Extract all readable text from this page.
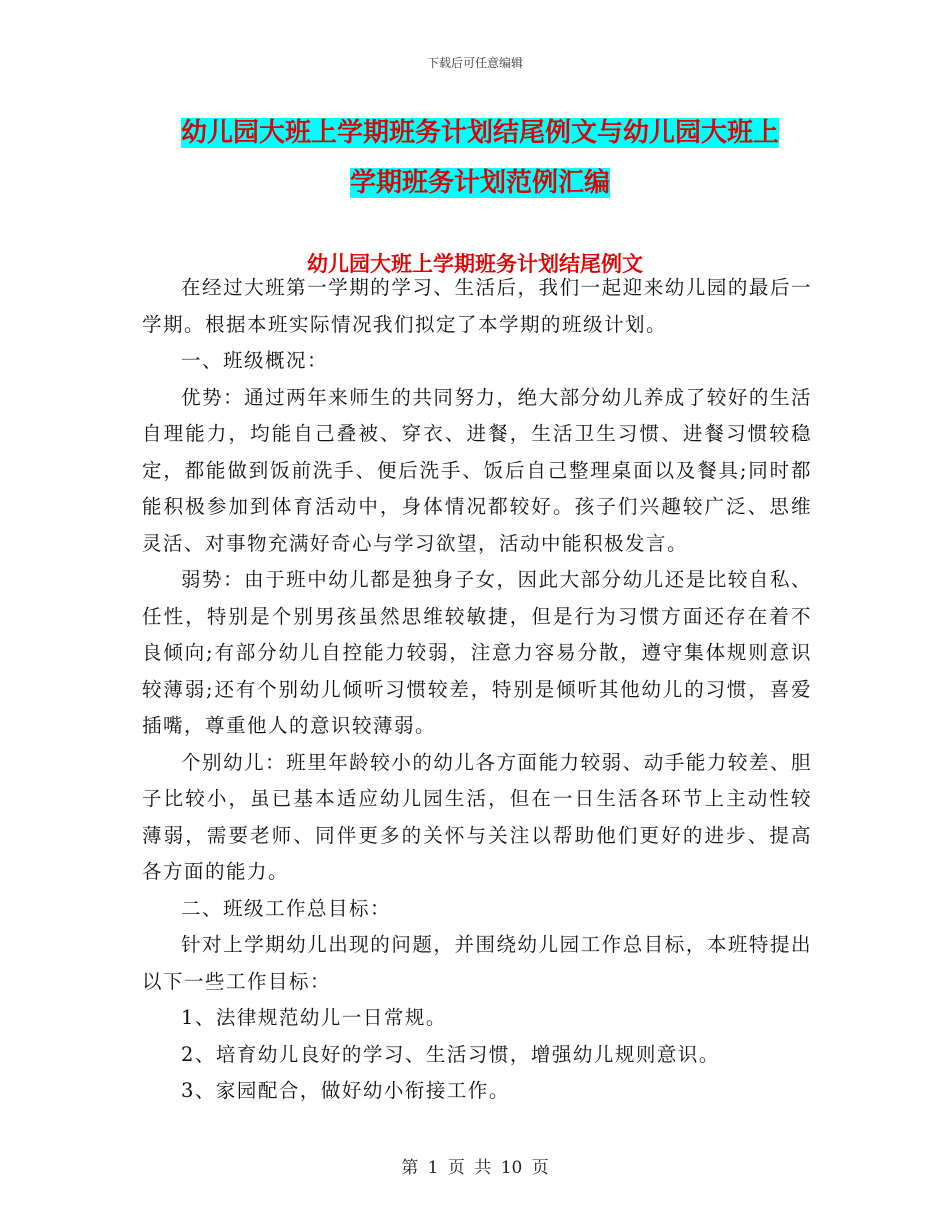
下载后可任意编辑
幼儿园大班上学期班务计划结尾例文与幼儿园大班上
学期班务计划范例汇编
幼儿园大班上学期班务计划结尾例文

在经过大班第一学期的学习、生活后，我们一起迎来幼儿园的最后一学期。根据本班实际情况我们拟定了本学期的班级计划。

一、班级概况：

优势：通过两年来师生的共同努力，绝大部分幼儿养成了较好的生活自理能力，均能自己叠被、穿衣、进餐，生活卫生习惯、进餐习惯较稳定，都能做到饭前洗手、便后洗手、饭后自己整理桌面以及餐具;同时都能积极参加到体育活动中，身体情况都较好。孩子们兴趣较广泛、思维灵活、对事物充满好奇心与学习欲望，活动中能积极发言。

弱势：由于班中幼儿都是独身子女，因此大部分幼儿还是比较自私、任性，特别是个别男孩虽然思维较敏捷，但是行为习惯方面还存在着不良倾向;有部分幼儿自控能力较弱，注意力容易分散，遵守集体规则意识较薄弱;还有个别幼儿倾听习惯较差，特别是倾听其他幼儿的习惯，喜爱插嘴，尊重他人的意识较薄弱。

个别幼儿：班里年龄较小的幼儿各方面能力较弱、动手能力较差、胆子比较小，虽已基本适应幼儿园生活，但在一日生活各环节上主动性较薄弱，需要老师、同伴更多的关怀与关注以帮助他们更好的进步、提高各方面的能力。

二、班级工作总目标：

针对上学期幼儿出现的问题，并围绕幼儿园工作总目标，本班特提出以下一些工作目标：

1、法律规范幼儿一日常规。

2、培育幼儿良好的学习、生活习惯，增强幼儿规则意识。

3、家园配合，做好幼小衔接工作。

第 1 页 共 10 页
